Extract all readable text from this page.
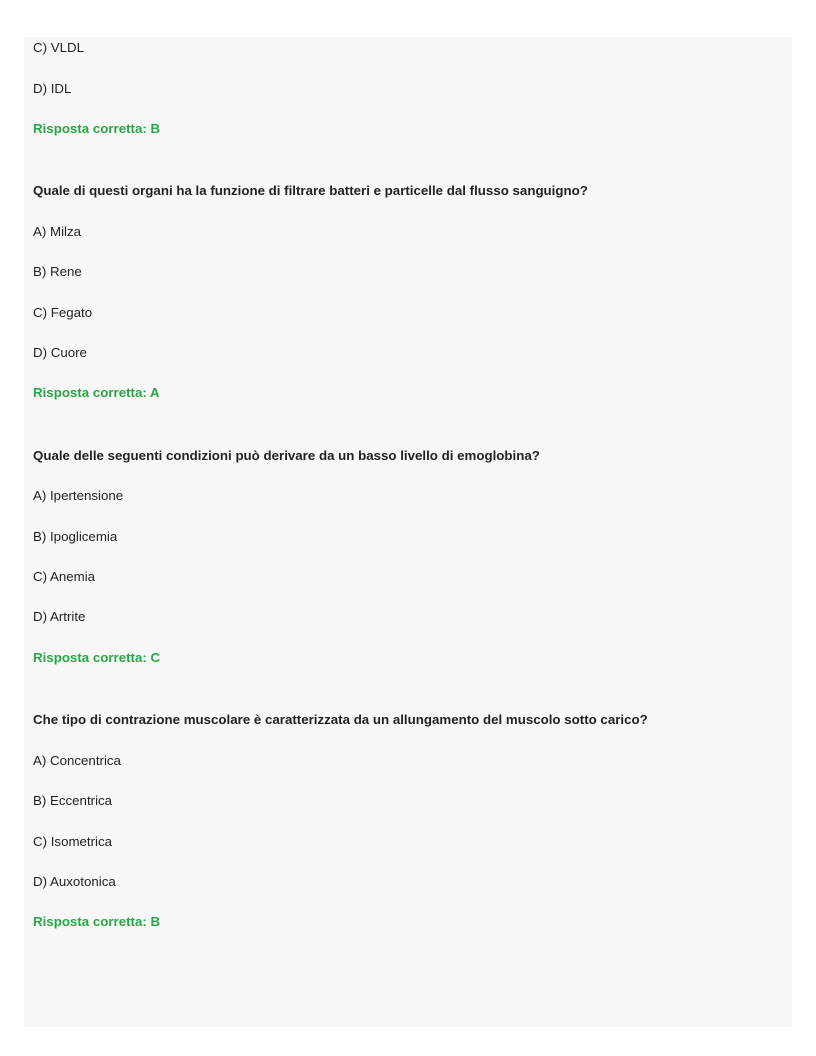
C) VLDL
D) IDL
Risposta corretta: B
Quale di questi organi ha la funzione di filtrare batteri e particelle dal flusso sanguigno?
A) Milza
B) Rene
C) Fegato
D) Cuore
Risposta corretta: A
Quale delle seguenti condizioni può derivare da un basso livello di emoglobina?
A) Ipertensione
B) Ipoglicemia
C) Anemia
D) Artrite
Risposta corretta: C
Che tipo di contrazione muscolare è caratterizzata da un allungamento del muscolo sotto carico?
A) Concentrica
B) Eccentrica
C) Isometrica
D) Auxotonica
Risposta corretta: B
